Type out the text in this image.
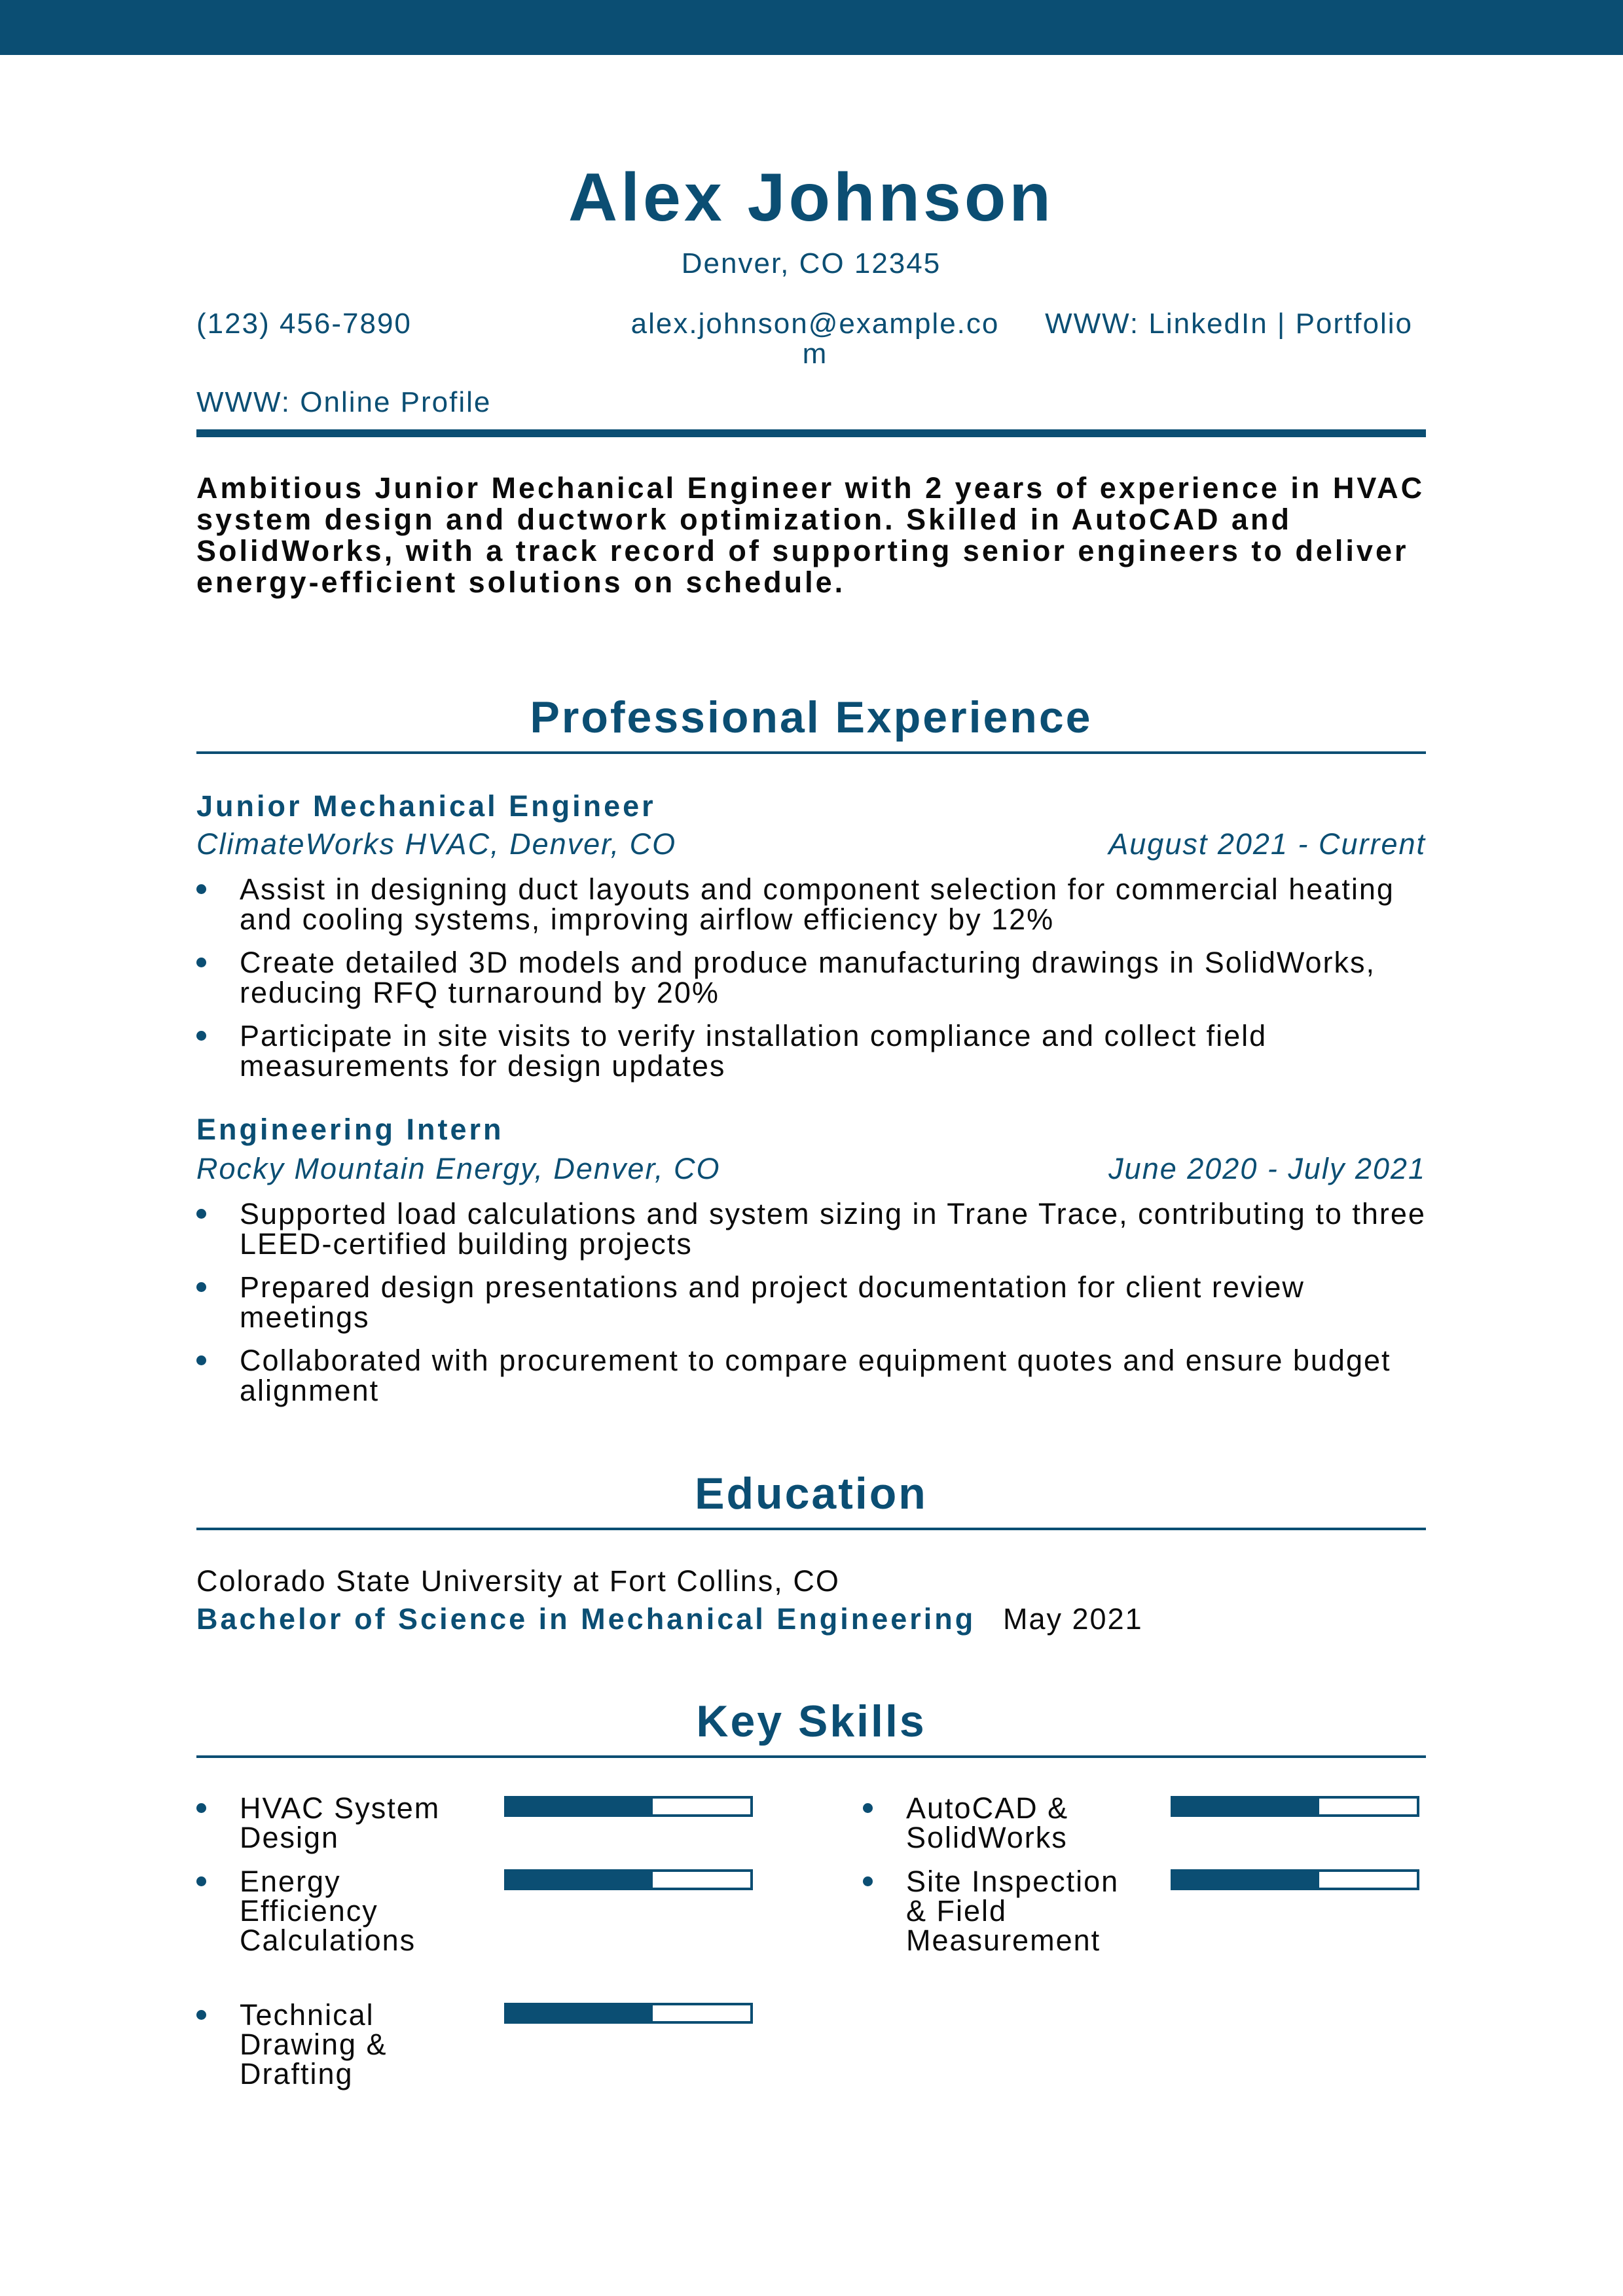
Alex Johnson
Denver, CO 12345
(123) 456-7890	alex.johnson@example.com
WWW: LinkedIn | Portfolio
WWW: Online Profile
Ambitious Junior Mechanical Engineer with 2 years of experience in HVAC system design and ductwork optimization. Skilled in AutoCAD and SolidWorks, with a track record of supporting senior engineers to deliver energy-efficient solutions on schedule.
Professional Experience
Junior Mechanical Engineer
ClimateWorks HVAC, Denver, CO	August 2021 - Current
Assist in designing duct layouts and component selection for commercial heating and cooling systems, improving airflow efficiency by 12%
Create detailed 3D models and produce manufacturing drawings in SolidWorks, reducing RFQ turnaround by 20%
Participate in site visits to verify installation compliance and collect field measurements for design updates
Engineering Intern
Rocky Mountain Energy, Denver, CO	June 2020 - July 2021
Supported load calculations and system sizing in Trane Trace, contributing to three LEED-certified building projects
Prepared design presentations and project documentation for client review meetings
Collaborated with procurement to compare equipment quotes and ensure budget alignment
Education
Colorado State University at Fort Collins, CO
Bachelor of Science in Mechanical Engineering May 2021
Key Skills
HVAC System Design
AutoCAD & SolidWorks
Energy Efficiency Calculations
Site Inspection & Field Measurement
Technical Drawing & Drafting
